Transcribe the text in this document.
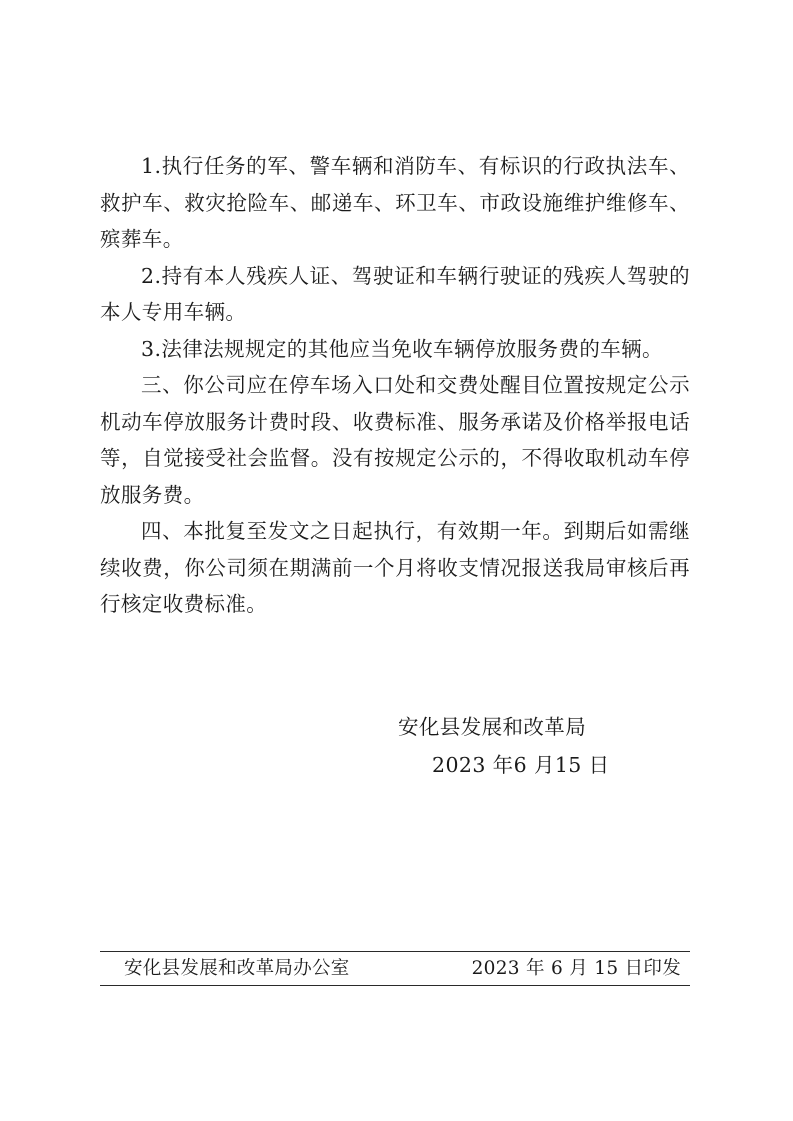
1.执行任务的军、警车辆和消防车、有标识的行政执法车、救护车、救灾抢险车、邮递车、环卫车、市政设施维护维修车、殡葬车。

2.持有本人残疾人证、驾驶证和车辆行驶证的残疾人驾驶的本人专用车辆。

3.法律法规规定的其他应当免收车辆停放服务费的车辆。

三、你公司应在停车场入口处和交费处醒目位置按规定公示机动车停放服务计费时段、收费标准、服务承诺及价格举报电话等，自觉接受社会监督。没有按规定公示的，不得收取机动车停放服务费。

四、本批复至发文之日起执行，有效期一年。到期后如需继续收费，你公司须在期满前一个月将收支情况报送我局审核后再行核定收费标准。

安化县发展和改革局
2023 年6 月15 日
安化县发展和改革局办公室	2023 年 6 月 15 日印发
